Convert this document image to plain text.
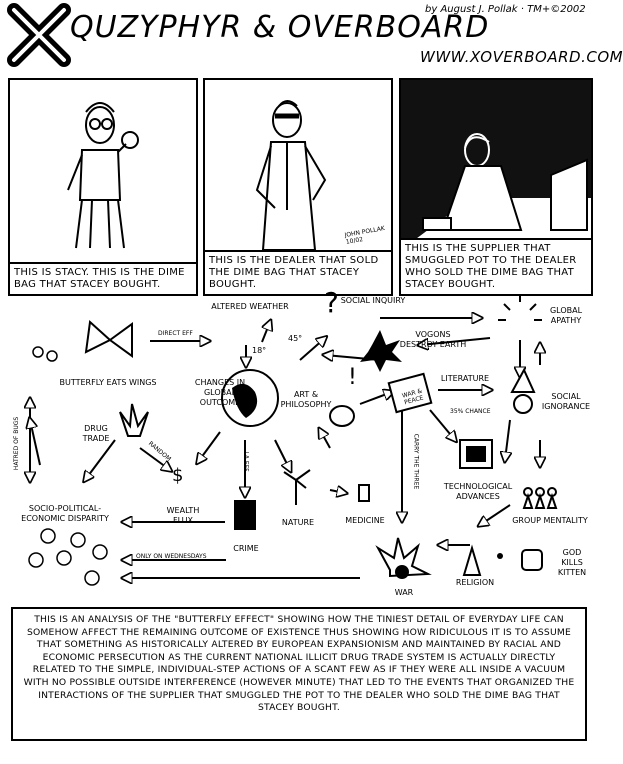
QUZYPHYR & OVERBOARD
by August J. Pollak · TM+©2002
WWW.XOVERBOARD.COM
THIS IS STACY. THIS IS THE DIME BAG THAT STACEY BOUGHT.
JOHN POLLAK 10/02
THIS IS THE DEALER THAT SOLD THE DIME BAG THAT STACEY BOUGHT.
THIS IS THE SUPPLIER THAT SMUGGLED POT TO THE DEALER WHO SOLD THE DIME BAG THAT STACEY BOUGHT.
?
!
BUTTERFLY EATS WINGS
DIRECT EFF
ALTERED WEATHER
18°
45°
CHANGES IN GLOBAL OUTCOME
SOCIAL INQUIRY
VOGONS DESTROY EARTH
GLOBAL APATHY
ART & PHILOSOPHY
LITERATURE
WAR & PEACE
35% CHANCE
SOCIAL IGNORANCE
CARRY THE THREE	TECHNOLOGICAL ADVANCES
GROUP MENTALITY
HATRED OF BUGS	DRUG TRADE
RANDOM
$
WEALTH FLUX
LA EFF
CRIME
NATURE	MEDICINE
SOCIO-POLITICAL-ECONOMIC DISPARITY
ONLY ON WEDNESDAYS
RELIGION
GOD KILLS KITTEN
WAR
THIS IS AN ANALYSIS OF THE "BUTTERFLY EFFECT" SHOWING HOW THE TINIEST DETAIL OF EVERYDAY LIFE CAN SOMEHOW AFFECT THE REMAINING OUTCOME OF EXISTENCE THUS SHOWING HOW RIDICULOUS IT IS TO ASSUME THAT SOMETHING AS HISTORICALLY ALTERED BY EUROPEAN EXPANSIONISM AND MAINTAINED BY RACIAL AND ECONOMIC PERSECUTION AS THE CURRENT NATIONAL ILLICIT DRUG TRADE SYSTEM IS ACTUALLY DIRECTLY RELATED TO THE SIMPLE, INDIVIDUAL-STEP ACTIONS OF A SCANT FEW AS IF THEY WERE ALL INSIDE A VACUUM WITH NO POSSIBLE OUTSIDE INTERFERENCE (HOWEVER MINUTE) THAT LED TO THE EVENTS THAT ORGANIZED THE INTERACTIONS OF THE SUPPLIER THAT SMUGGLED THE POT TO THE DEALER WHO SOLD THE DIME BAG THAT STACEY BOUGHT.
